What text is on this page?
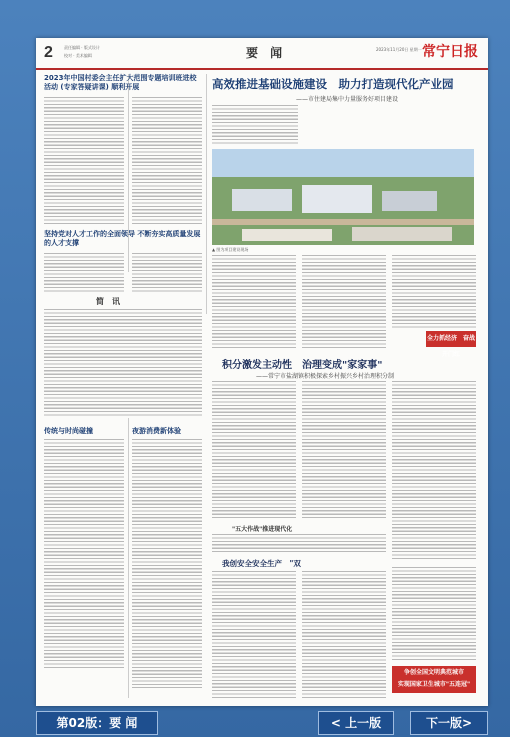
2	责任编辑 · 版式设计
校对 · 美术编辑	要 闻	2023年11月20日 星期一 常宁日报
2023年中国村委会主任扩大范围专题培训班进校活动 (专家答疑讲课) 顺利开展
坚持党对人才工作的全面领导 不断夯实高质量发展的人才支撑
简　讯
高效推进基础设施建设　助力打造现代化产业园
——市住建局集中力量服务好项目建设
▲ 图为项目建设现场
全力抓经济　奋战开门红
积分激发主动性　治理变成"家家事"
——常宁市盐湖镇积极探索乡村振兴乡村治理积分制
"五大作战"推进现代化
传统与时尚碰撞	夜游消费新体验
我创安全安全生产　"双
争创全国文明典范城市
实现国家卫生城市"五连冠"
第02版：要 闻	< 上一版	下一版>
